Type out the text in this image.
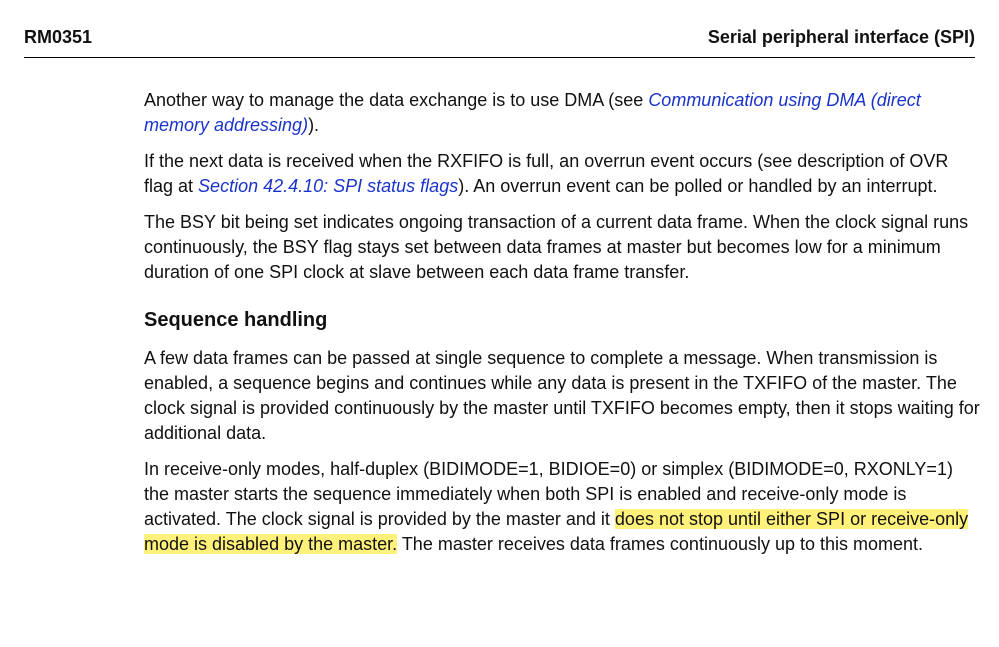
RM0351	Serial peripheral interface (SPI)

Another way to manage the data exchange is to use DMA (see Communication using DMA (direct memory addressing)).

If the next data is received when the RXFIFO is full, an overrun event occurs (see description of OVR flag at Section 42.4.10: SPI status flags). An overrun event can be polled or handled by an interrupt.

The BSY bit being set indicates ongoing transaction of a current data frame. When the clock signal runs continuously, the BSY flag stays set between data frames at master but becomes low for a minimum duration of one SPI clock at slave between each data frame transfer.

Sequence handling

A few data frames can be passed at single sequence to complete a message. When transmission is enabled, a sequence begins and continues while any data is present in the TXFIFO of the master. The clock signal is provided continuously by the master until TXFIFO becomes empty, then it stops waiting for additional data.

In receive-only modes, half-duplex (BIDIMODE=1, BIDIOE=0) or simplex (BIDIMODE=0, RXONLY=1) the master starts the sequence immediately when both SPI is enabled and receive-only mode is activated. The clock signal is provided by the master and it does not stop until either SPI or receive-only mode is disabled by the master. The master receives data frames continuously up to this moment.
